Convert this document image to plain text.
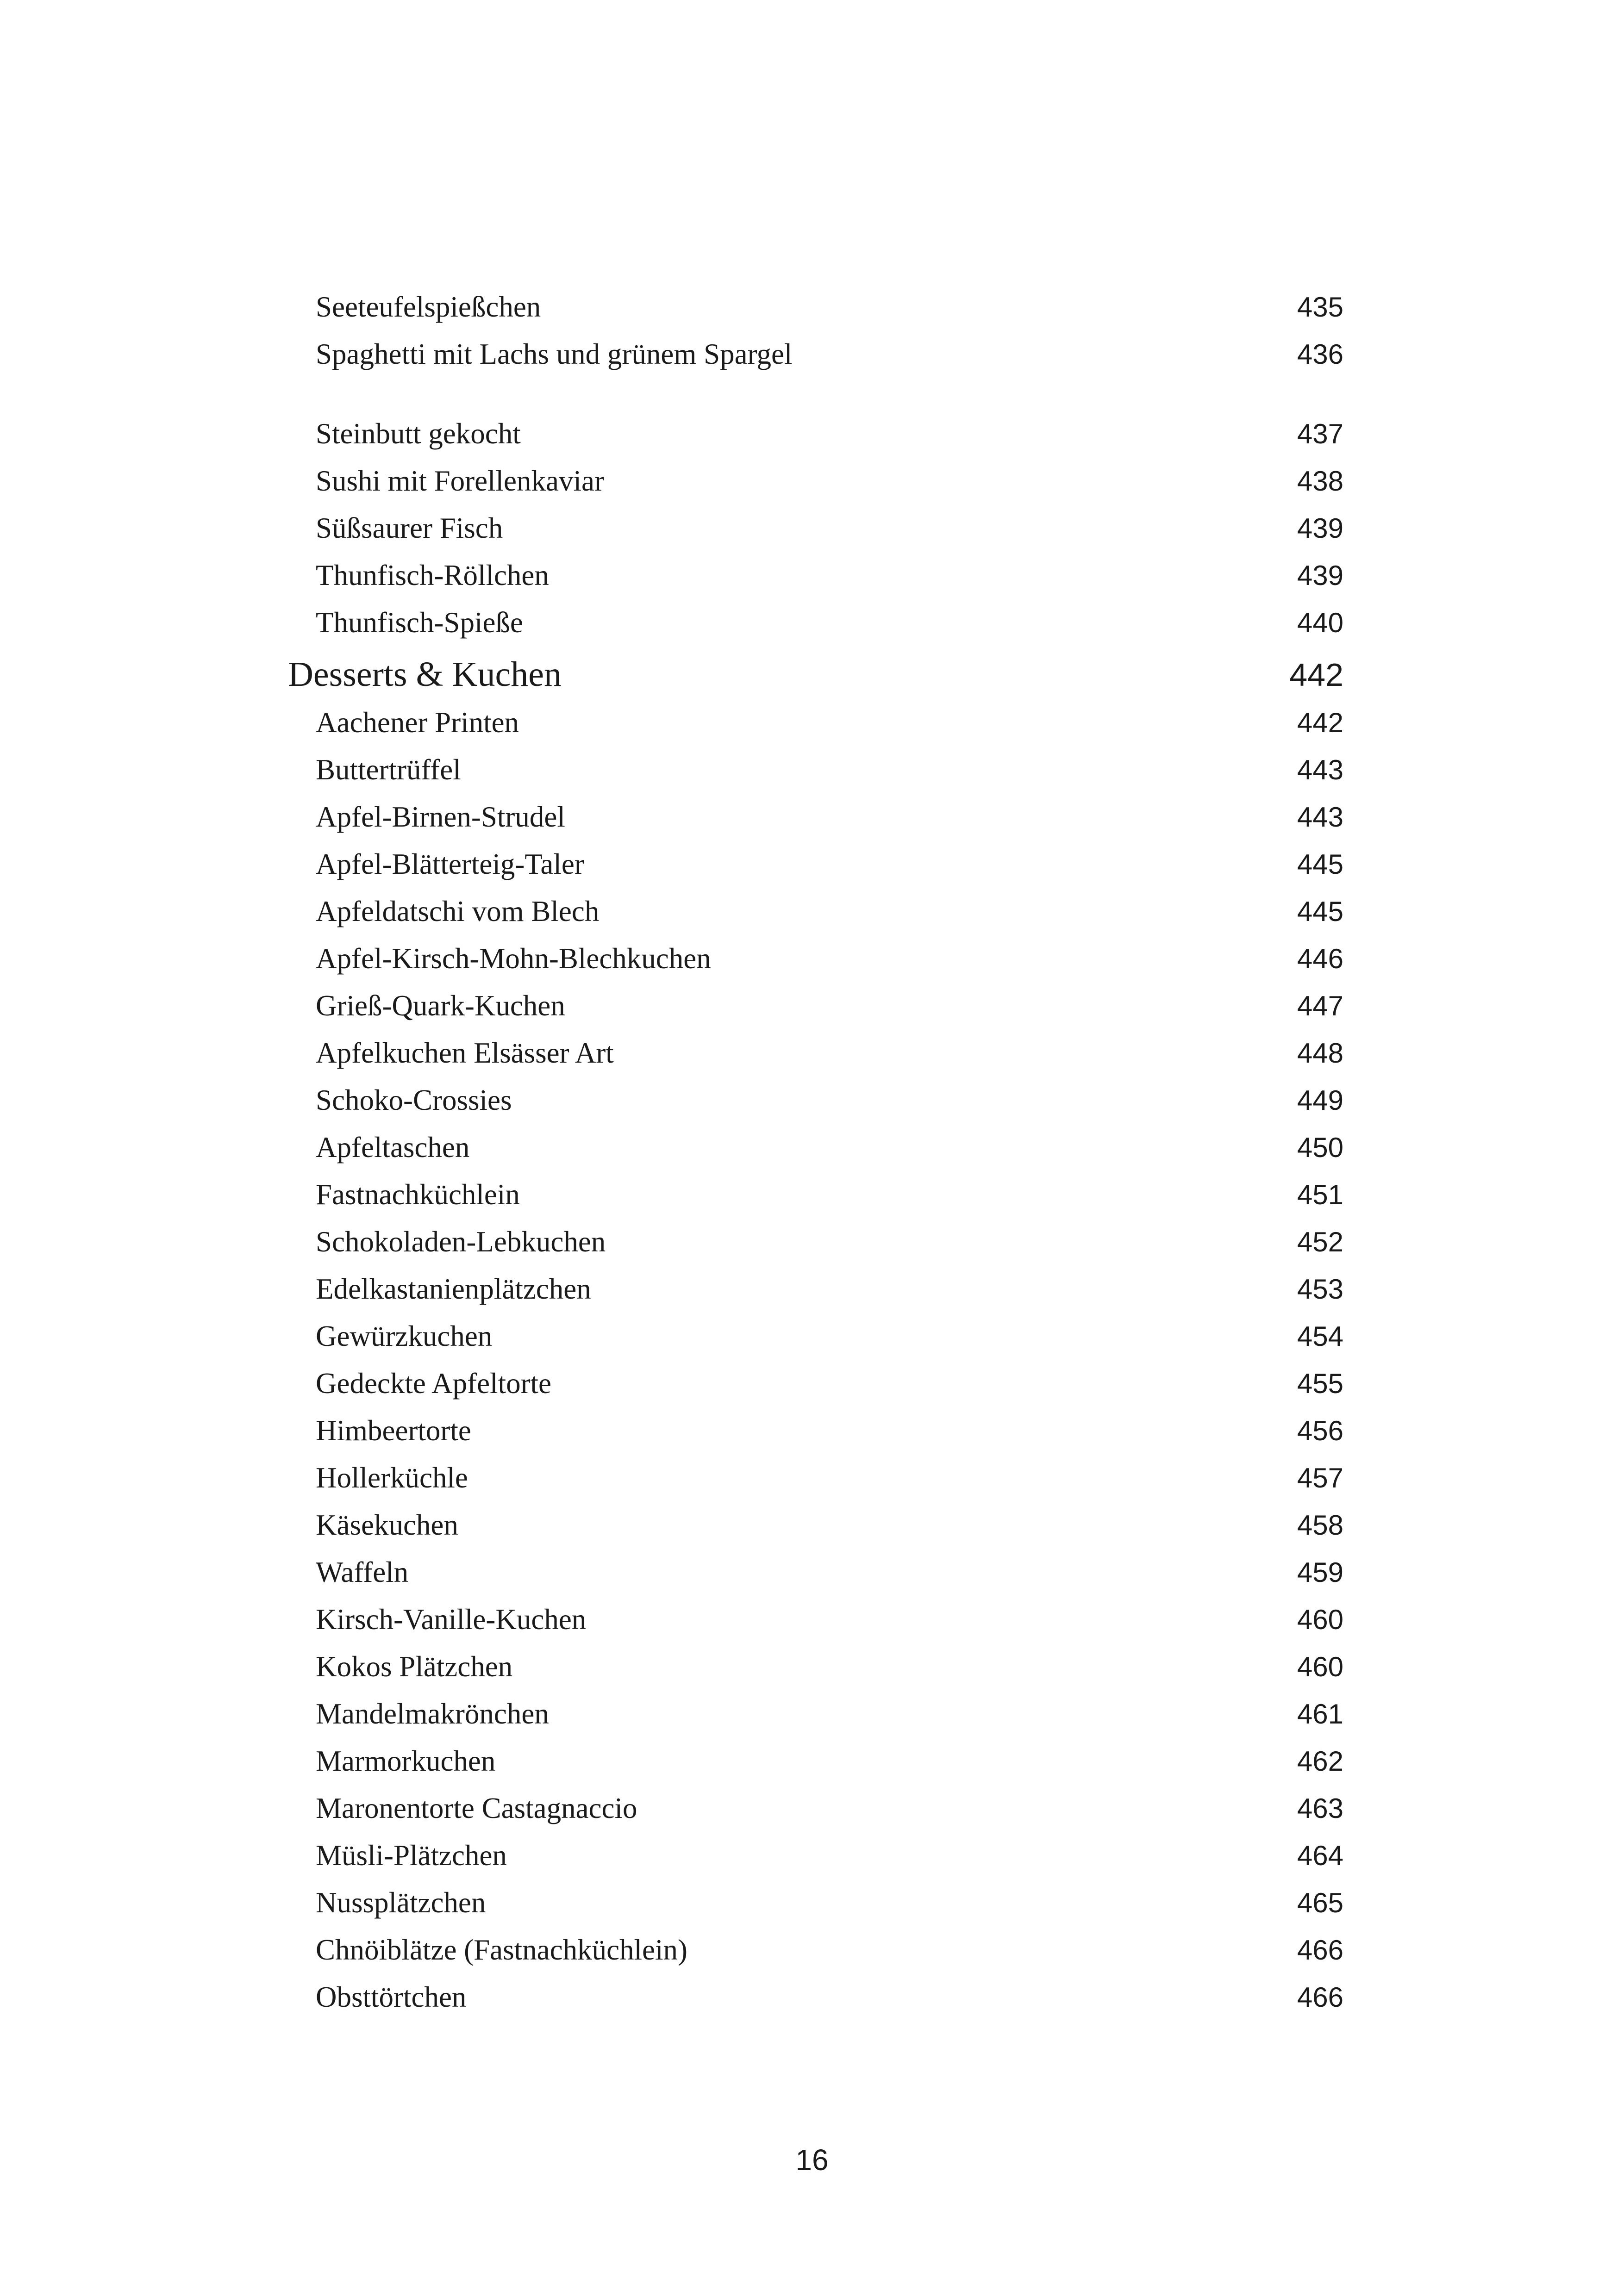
Seeteufelspießchen	435
Spaghetti mit Lachs und grünem Spargel	436
Steinbutt gekocht	437
Sushi mit Forellenkaviar	438
Süßsaurer Fisch	439
Thunfisch-Röllchen	439
Thunfisch-Spieße	440
Desserts & Kuchen	442
Aachener Printen	442
Buttertrüffel	443
Apfel-Birnen-Strudel	443
Apfel-Blätterteig-Taler	445
Apfeldatschi vom Blech	445
Apfel-Kirsch-Mohn-Blechkuchen	446
Grieß-Quark-Kuchen	447
Apfelkuchen Elsässer Art	448
Schoko-Crossies	449
Apfeltaschen	450
Fastnachküchlein	451
Schokoladen-Lebkuchen	452
Edelkastanienplätzchen	453
Gewürzkuchen	454
Gedeckte Apfeltorte	455
Himbeertorte	456
Hollerküchle	457
Käsekuchen	458
Waffeln	459
Kirsch-Vanille-Kuchen	460
Kokos Plätzchen	460
Mandelmakrönchen	461
Marmorkuchen	462
Maronentorte Castagnaccio	463
Müsli-Plätzchen	464
Nussplätzchen	465
Chnöiblätze (Fastnachküchlein)	466
Obsttörtchen	466
16
